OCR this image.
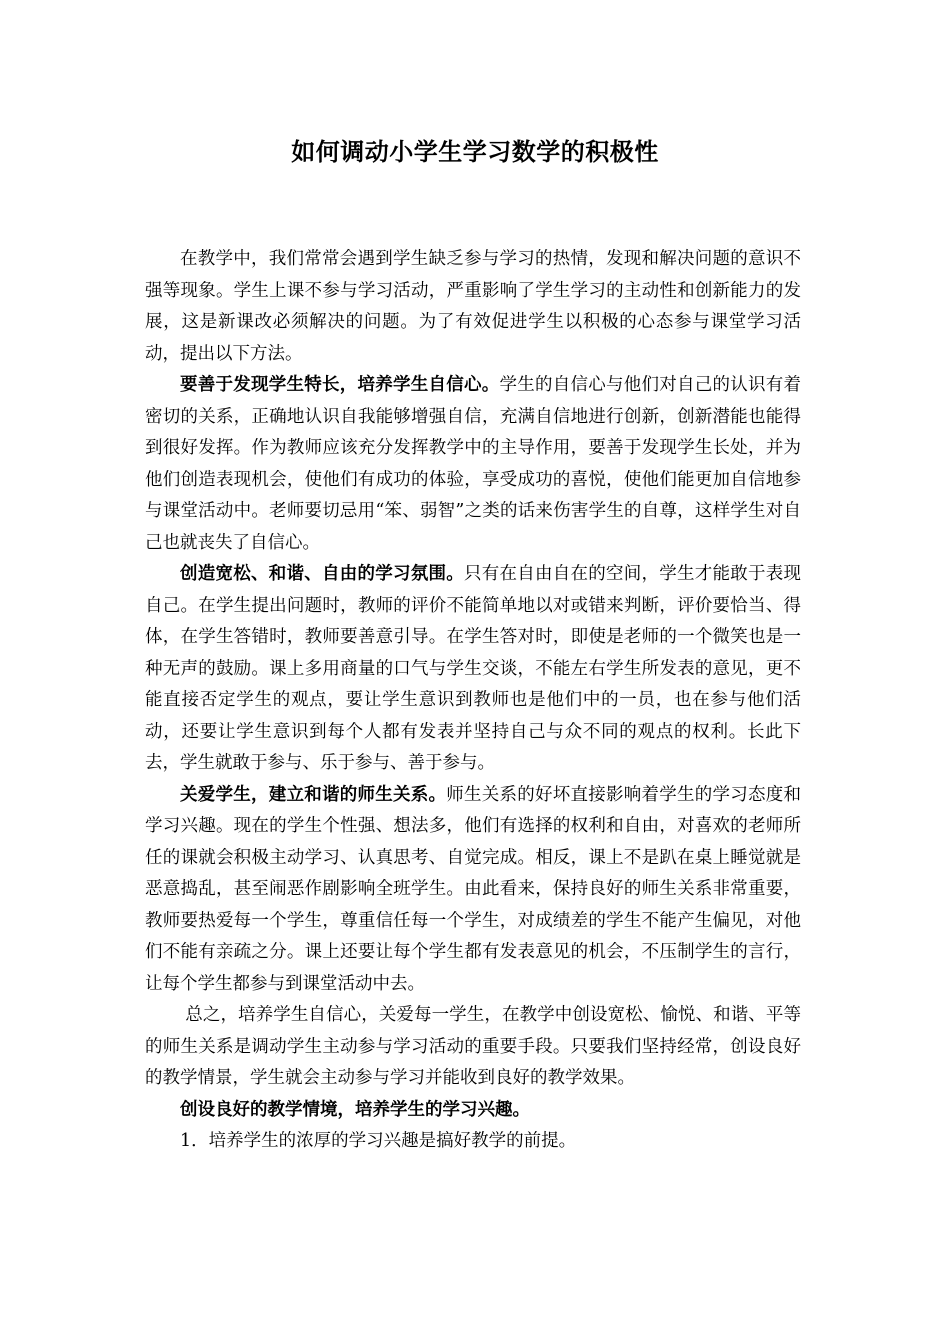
如何调动小学生学习数学的积极性

在教学中，我们常常会遇到学生缺乏参与学习的热情，发现和解决问题的意识不强等现象。学生上课不参与学习活动，严重影响了学生学习的主动性和创新能力的发展，这是新课改必须解决的问题。为了有效促进学生以积极的心态参与课堂学习活动，提出以下方法。

要善于发现学生特长，培养学生自信心。学生的自信心与他们对自己的认识有着密切的关系，正确地认识自我能够增强自信，充满自信地进行创新，创新潜能也能得到很好发挥。作为教师应该充分发挥教学中的主导作用，要善于发现学生长处，并为他们创造表现机会，使他们有成功的体验，享受成功的喜悦，使他们能更加自信地参与课堂活动中。老师要切忌用“笨、弱智”之类的话来伤害学生的自尊，这样学生对自己也就丧失了自信心。

创造宽松、和谐、自由的学习氛围。只有在自由自在的空间，学生才能敢于表现自己。在学生提出问题时，教师的评价不能简单地以对或错来判断，评价要恰当、得体，在学生答错时，教师要善意引导。在学生答对时，即使是老师的一个微笑也是一种无声的鼓励。课上多用商量的口气与学生交谈，不能左右学生所发表的意见，更不能直接否定学生的观点，要让学生意识到教师也是他们中的一员，也在参与他们活动，还要让学生意识到每个人都有发表并坚持自己与众不同的观点的权利。长此下去，学生就敢于参与、乐于参与、善于参与。

关爱学生，建立和谐的师生关系。师生关系的好坏直接影响着学生的学习态度和学习兴趣。现在的学生个性强、想法多，他们有选择的权利和自由，对喜欢的老师所任的课就会积极主动学习、认真思考、自觉完成。相反，课上不是趴在桌上睡觉就是恶意捣乱，甚至闹恶作剧影响全班学生。由此看来，保持良好的师生关系非常重要，教师要热爱每一个学生，尊重信任每一个学生，对成绩差的学生不能产生偏见，对他们不能有亲疏之分。课上还要让每个学生都有发表意见的机会，不压制学生的言行，让每个学生都参与到课堂活动中去。

总之，培养学生自信心，关爱每一学生，在教学中创设宽松、愉悦、和谐、平等的师生关系是调动学生主动参与学习活动的重要手段。只要我们坚持经常，创设良好的教学情景，学生就会主动参与学习并能收到良好的教学效果。

创设良好的教学情境，培养学生的学习兴趣。

1．培养学生的浓厚的学习兴趣是搞好教学的前提。
